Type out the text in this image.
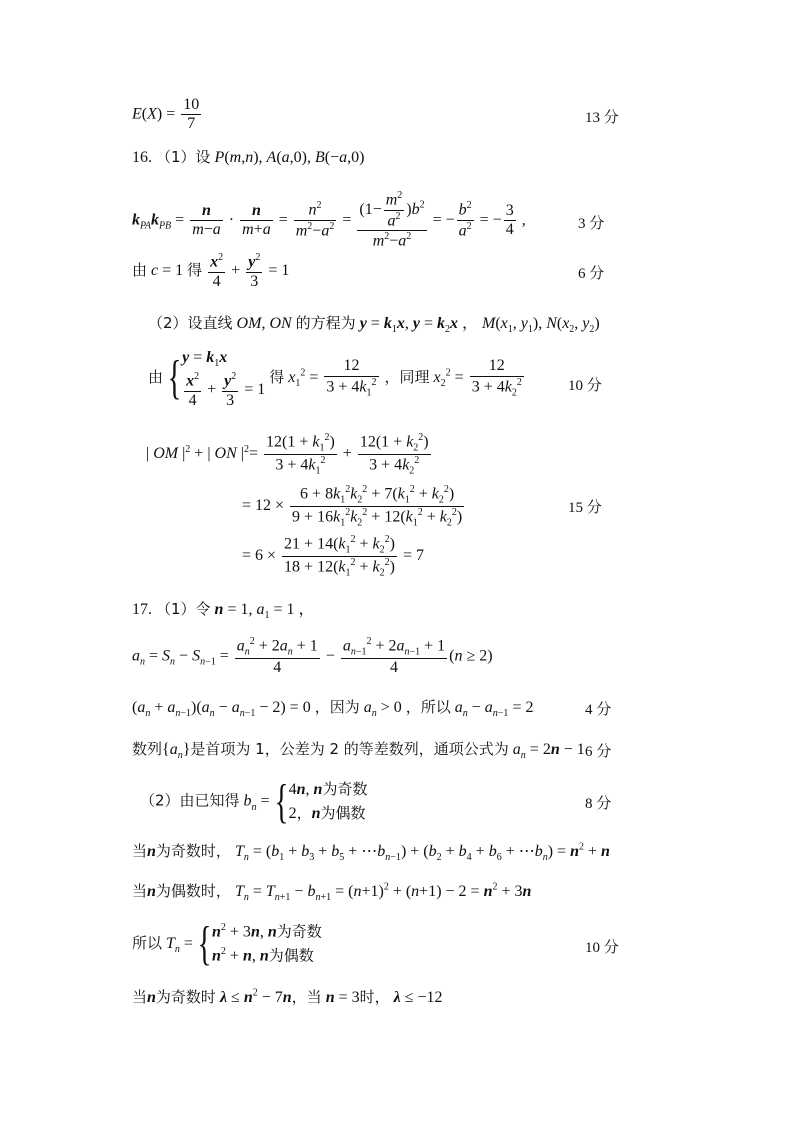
$E(X) = \frac{10}{7}$	13 分
16. （1）设 P(m,n), A(a,0), B(−a,0)
$k_{PA}k_{PB} = \frac{n}{m-a} \cdot \frac{n}{m+a} = \frac{n^2}{m^2-a^2} = \frac{(1- \frac{m^2}{a^2} )b^2}{m^2-a^2}$ = − $\frac{b^2}{a^2}$ = − $\frac{3}{4}$ ,	3 分
由 c = 1 得 $\frac{x^2}{4} + \frac{y^2}{3} = 1$	6 分
（2）设直线 OM, ON 的方程为 $y = k_1x$, $y = k_2x$ ， $M(x_1$, $y_1$), $N(x_2$, $y_2$)
由{ $y = k_1x$
$\frac{x^2}{4} + \frac{y^2}{3} = 1$
得 $x_1^2 = \frac{12}{3 + 4k_1^2}$ ，同理 $x_2^2 = \frac{12}{3 + 4k_2^2}$	10 分
| OM $|^2$ + | ON $|^2= \frac{12(1 + k_1^2)}{3 + 4k_1^2} + \frac{12(1 + k_2^2)}{3 + 4k_2^2}$
= $12 \times \frac{6 + 8k_1^2k_2^2 + 7(k_1^2 + k_2^2)}{9 + 16k_1^2k_2^2 + 12(k_1^2 + k_2^2)}$	15 分
= $6 \times \frac{21 + 14(k_1^2 + k_2^2)}{18 + 12(k_1^2 + k_2^2)} = 7$
17. （1）令 n = 1, $a_1 = 1$ ，
$a_n = S_n - S_{n-1} = \frac{a_n^2 + 2a_n + 1}{4} - \frac{a_{n-1}^2 + 2a_{n-1} + 1}{4} (n \ge 2)$
$(a_n + a_{n-1})(a_n - a_{n-1} - 2) = 0$ ，因为 $a_n > 0$ ，所以 $a_n - a_{n-1} = 2$	4 分
数列$\{a_n\}$是首项为 1，公差为 2 的等差数列，通项公式为 $a_n = 2n - 1$ 6 分
（2）由已知得 $b_n$ ={ 4n, n为奇数
2，n为偶数	8 分
当n为奇数时， $T_n = (b_1 + b_3 + b_5$ + $\cdots b_{n-1}) + (b_2 + b_4 + b_6$ + $\cdots b_n) = n^2 + n$
当n为偶数时， $T_n = T_{n+1} - b_{n+1} = (n+1)^2 + (n+1) - 2 = n^2 + 3n$
所以 $T_n$ ={ $n^2 + 3n$, n为奇数
$n^2 + n$, n为偶数	10 分
当n为奇数时 $\lambda \le n^2 - 7n$，当 n = 3时， λ ≤ −12
